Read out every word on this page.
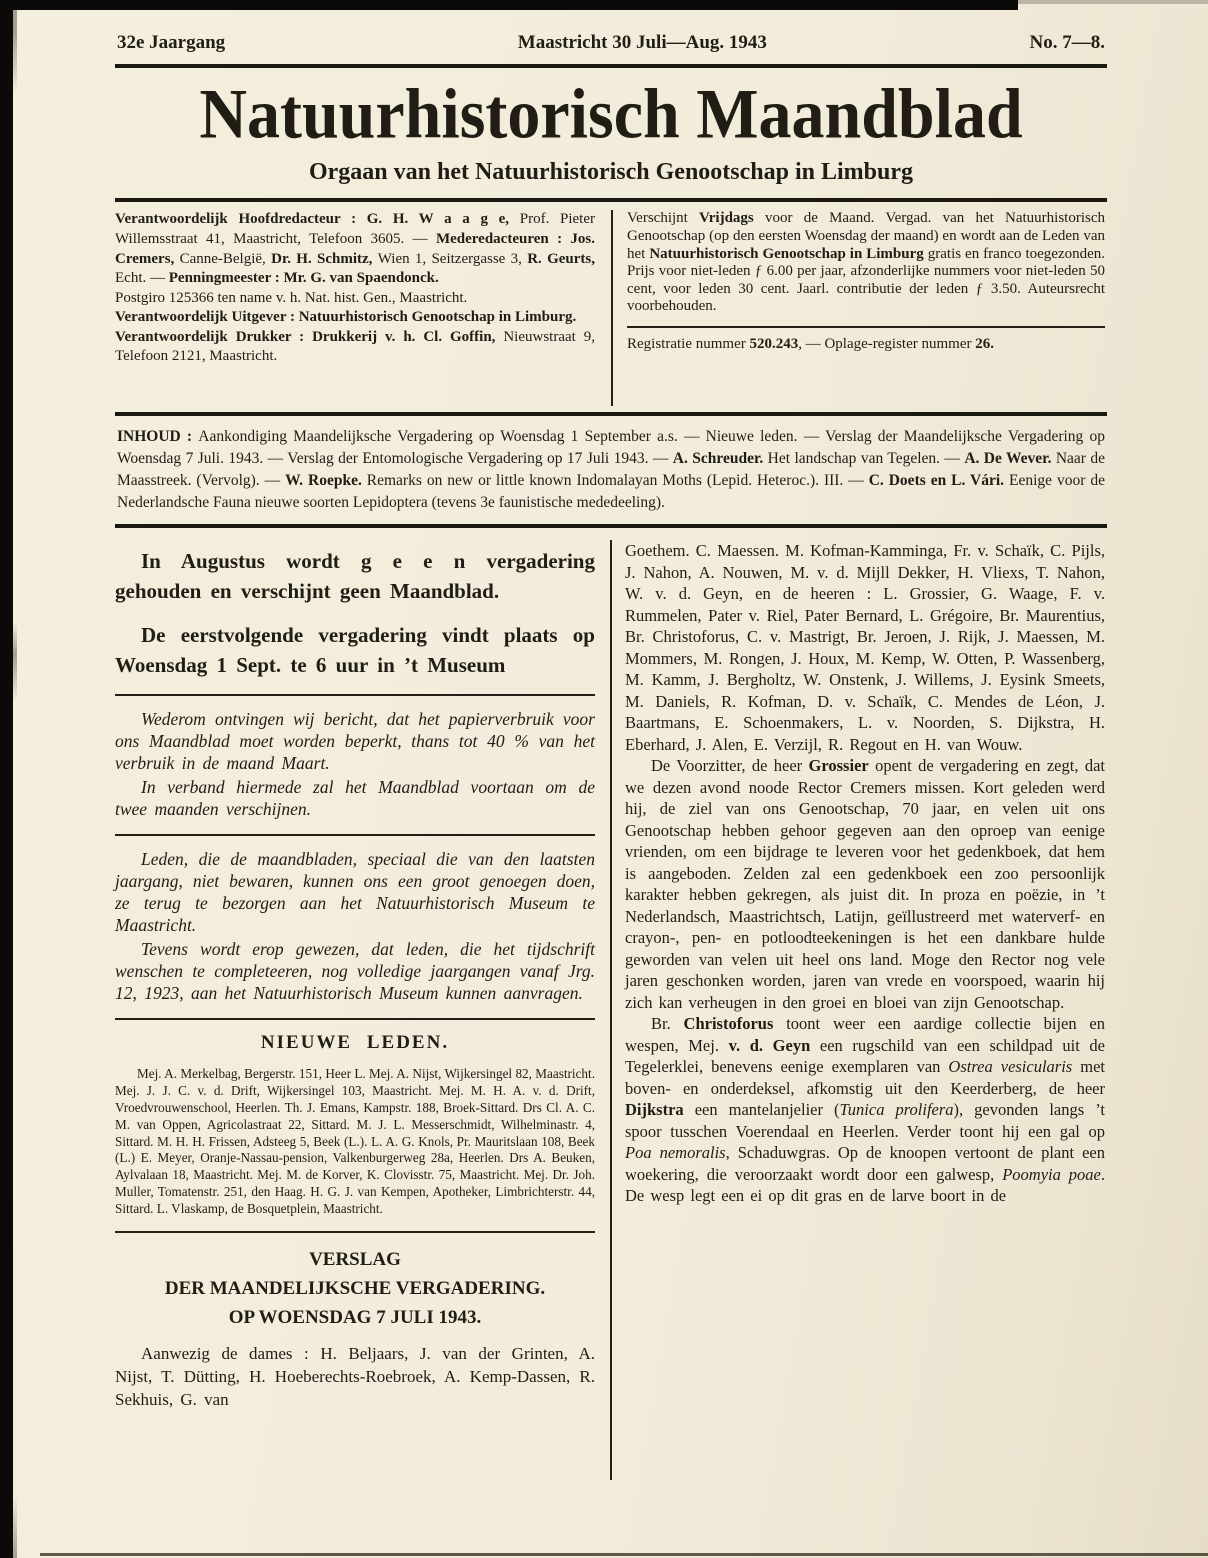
32e Jaargang	Maastricht 30 Juli—Aug. 1943	No. 7—8.
Natuurhistorisch Maandblad
Orgaan van het Natuurhistorisch Genootschap in Limburg

Verantwoordelijk Hoofdredacteur : G. H. W a a g e, Prof. Pieter Willemsstraat 41, Maastricht, Telefoon 3605. — Mederedacteuren : Jos. Cremers, Canne-België, Dr. H. Schmitz, Wien 1, Seitzergasse 3, R. Geurts, Echt. — Penningmeester : Mr. G. van Spaendonck.

Postgiro 125366 ten name v. h. Nat. hist. Gen., Maastricht.

Verantwoordelijk Uitgever : Natuurhistorisch Genootschap in Limburg.

Verantwoordelijk Drukker : Drukkerij v. h. Cl. Goffin, Nieuwstraat 9, Telefoon 2121, Maastricht.

Verschijnt Vrijdags voor de Maand. Vergad. van het Natuurhistorisch Genootschap (op den eersten Woensdag der maand) en wordt aan de Leden van het Natuurhistorisch Genootschap in Limburg gratis en franco toegezonden. Prijs voor niet-leden ƒ 6.00 per jaar, afzonderlijke nummers voor niet-leden 50 cent, voor leden 30 cent. Jaarl. contributie der leden ƒ 3.50. Auteursrecht voorbehouden.

Registratie nummer 520.243, — Oplage-register nummer 26.

INHOUD : Aankondiging Maandelijksche Vergadering op Woensdag 1 September a.s. — Nieuwe leden. — Verslag der Maandelijksche Vergadering op Woensdag 7 Juli. 1943. — Verslag der Entomologische Vergadering op 17 Juli 1943. — A. Schreuder. Het landschap van Tegelen. — A. De Wever. Naar de Maasstreek. (Vervolg). — W. Roepke. Remarks on new or little known Indomalayan Moths (Lepid. Heteroc.). III. — C. Doets en L. Vári. Eenige voor de Nederlandsche Fauna nieuwe soorten Lepidoptera (tevens 3e faunistische mededeeling).

In Augustus wordt g e e n vergadering gehouden en verschijnt geen Maandblad.

De eerstvolgende vergadering vindt plaats op Woensdag 1 Sept. te 6 uur in ’t Museum

Wederom ontvingen wij bericht, dat het papierverbruik voor ons Maandblad moet worden beperkt, thans tot 40 % van het verbruik in de maand Maart.

In verband hiermede zal het Maandblad voortaan om de twee maanden verschijnen.

Leden, die de maandbladen, speciaal die van den laatsten jaargang, niet bewaren, kunnen ons een groot genoegen doen, ze terug te bezorgen aan het Natuurhistorisch Museum te Maastricht.

Tevens wordt erop gewezen, dat leden, die het tijdschrift wenschen te completeeren, nog volledige jaargangen vanaf Jrg. 12, 1923, aan het Natuurhistorisch Museum kunnen aanvragen.

NIEUWE LEDEN.

Mej. A. Merkelbag, Bergerstr. 151, Heer L. Mej. A. Nijst, Wijkersingel 82, Maastricht. Mej. J. J. C. v. d. Drift, Wijkersingel 103, Maastricht. Mej. M. H. A. v. d. Drift, Vroedvrouwenschool, Heerlen. Th. J. Emans, Kampstr. 188, Broek-Sittard. Drs Cl. A. C. M. van Oppen, Agricolastraat 22, Sittard. M. J. L. Messerschmidt, Wilhelminastr. 4, Sittard. M. H. H. Frissen, Adsteeg 5, Beek (L.). L. A. G. Knols, Pr. Mauritslaan 108, Beek (L.) E. Meyer, Oranje-Nassau-pension, Valkenburgerweg 28a, Heerlen. Drs A. Beuken, Aylvalaan 18, Maastricht. Mej. M. de Korver, K. Clovisstr. 75, Maastricht. Mej. Dr. Joh. Muller, Tomatenstr. 251, den Haag. H. G. J. van Kempen, Apotheker, Limbrichterstr. 44, Sittard. L. Vlaskamp, de Bosquetplein, Maastricht.

VERSLAG
DER MAANDELIJKSCHE VERGADERING.
OP WOENSDAG 7 JULI 1943.

Aanwezig de dames : H. Beljaars, J. van der Grinten, A. Nijst, T. Dütting, H. Hoeberechts-Roebroek, A. Kemp-Dassen, R. Sekhuis, G. van

Goethem. C. Maessen. M. Kofman-Kamminga, Fr. v. Schaïk, C. Pijls, J. Nahon, A. Nouwen, M. v. d. Mijll Dekker, H. Vliexs, T. Nahon, W. v. d. Geyn, en de heeren : L. Grossier, G. Waage, F. v. Rummelen, Pater v. Riel, Pater Bernard, L. Grégoire, Br. Maurentius, Br. Christoforus, C. v. Mastrigt, Br. Jeroen, J. Rijk, J. Maessen, M. Mommers, M. Rongen, J. Houx, M. Kemp, W. Otten, P. Wassenberg, M. Kamm, J. Bergholtz, W. Onstenk, J. Willems, J. Eysink Smeets, M. Daniels, R. Kofman, D. v. Schaïk, C. Mendes de Léon, J. Baartmans, E. Schoenmakers, L. v. Noorden, S. Dijkstra, H. Eberhard, J. Alen, E. Verzijl, R. Regout en H. van Wouw.

De Voorzitter, de heer Grossier opent de vergadering en zegt, dat we dezen avond noode Rector Cremers missen. Kort geleden werd hij, de ziel van ons Genootschap, 70 jaar, en velen uit ons Genootschap hebben gehoor gegeven aan den oproep van eenige vrienden, om een bijdrage te leveren voor het gedenkboek, dat hem is aangeboden. Zelden zal een gedenkboek een zoo persoonlijk karakter hebben gekregen, als juist dit. In proza en poëzie, in ’t Nederlandsch, Maastrichtsch, Latijn, geïllustreerd met waterverf- en crayon-, pen- en potloodteekeningen is het een dankbare hulde geworden van velen uit heel ons land. Moge den Rector nog vele jaren geschonken worden, jaren van vrede en voorspoed, waarin hij zich kan verheugen in den groei en bloei van zijn Genootschap.

Br. Christoforus toont weer een aardige collectie bijen en wespen, Mej. v. d. Geyn een rugschild van een schildpad uit de Tegelerklei, benevens eenige exemplaren van Ostrea vesicularis met boven- en onderdeksel, afkomstig uit den Keerderberg, de heer Dijkstra een mantelanjelier (Tunica prolifera), gevonden langs ’t spoor tusschen Voerendaal en Heerlen. Verder toont hij een gal op Poa nemoralis, Schaduwgras. Op de knoopen vertoont de plant een woekering, die veroorzaakt wordt door een galwesp, Poomyia poae. De wesp legt een ei op dit gras en de larve boort in de
